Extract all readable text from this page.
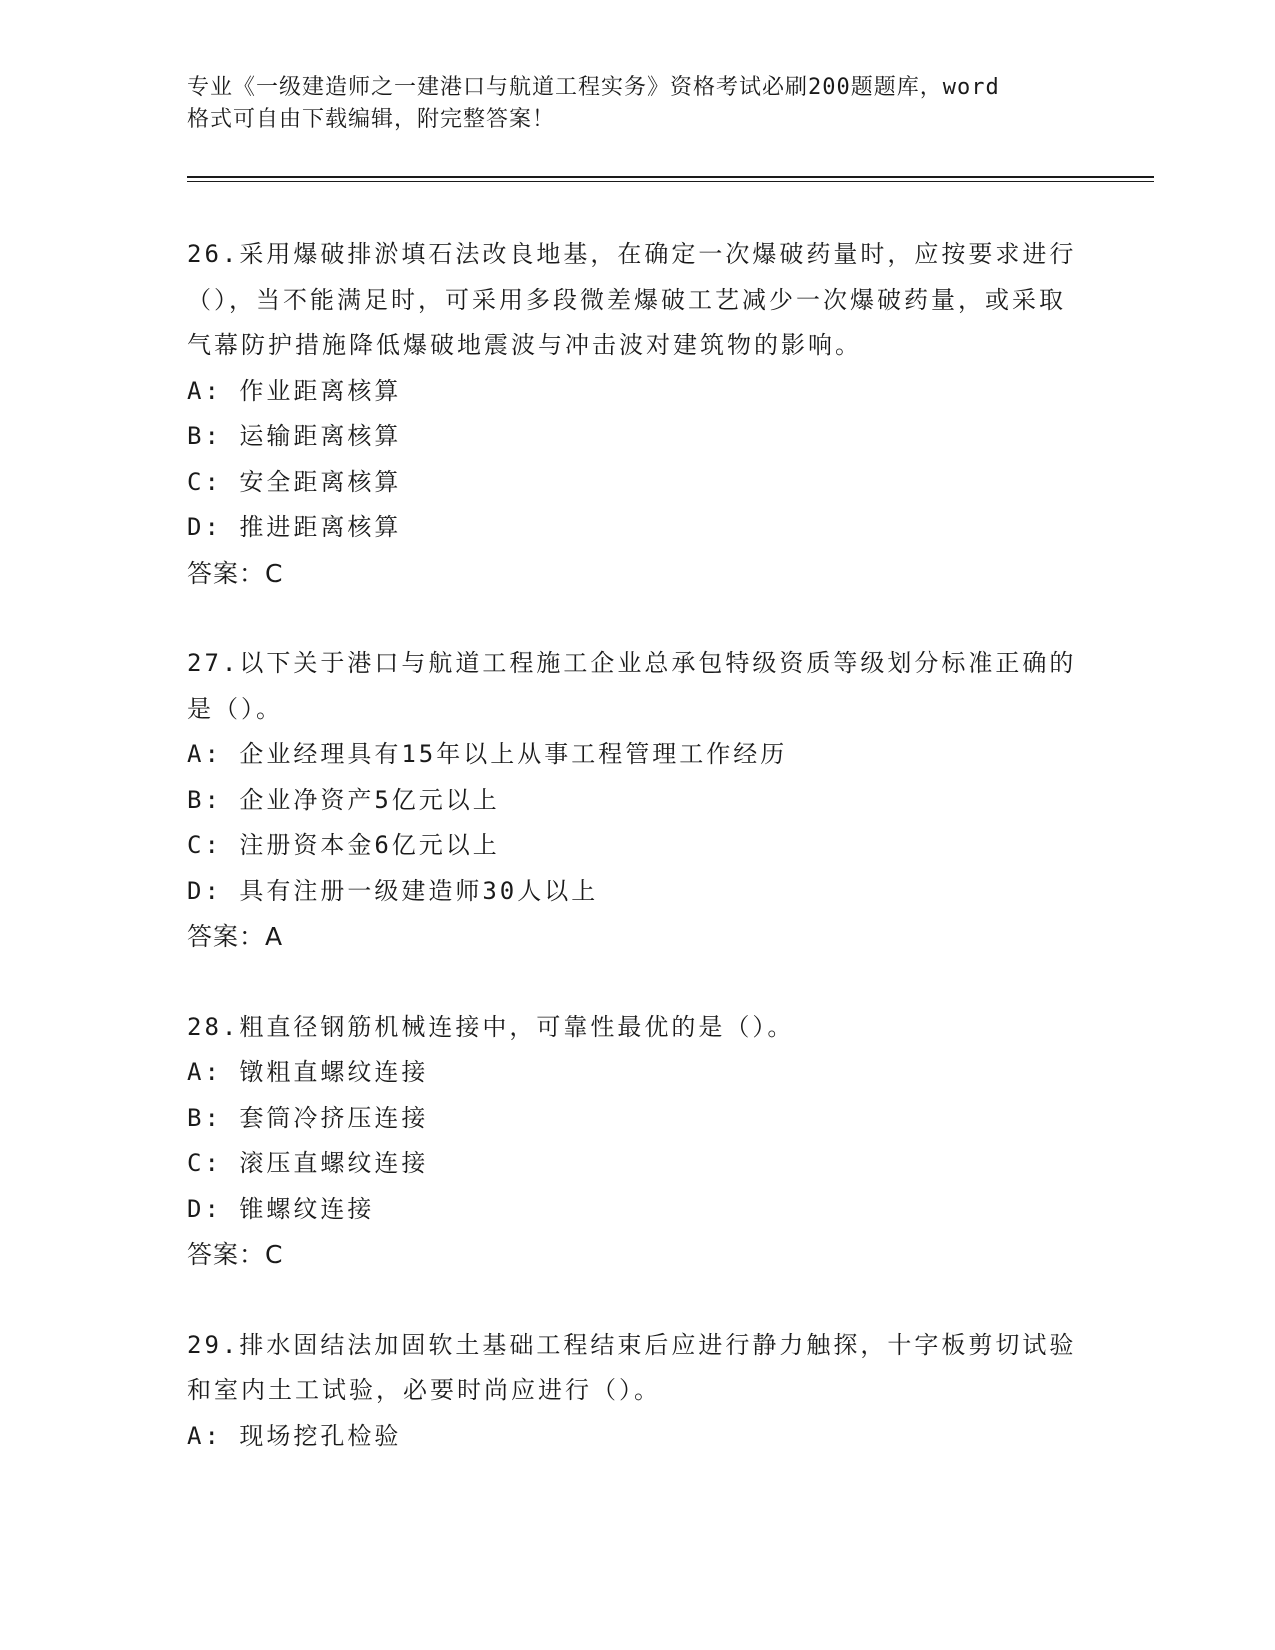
专业《一级建造师之一建港口与航道工程实务》资格考试必刷200题题库，word
格式可自由下载编辑，附完整答案！

26.采用爆破排淤填石法改良地基，在确定一次爆破药量时，应按要求进行（），当不能满足时，可采用多段微差爆破工艺减少一次爆破药量，或采取气幕防护措施降低爆破地震波与冲击波对建筑物的影响。

A: 作业距离核算

B: 运输距离核算

C: 安全距离核算

D: 推进距离核算

答案：C

27.以下关于港口与航道工程施工企业总承包特级资质等级划分标准正确的是（）。

A: 企业经理具有15年以上从事工程管理工作经历

B: 企业净资产5亿元以上

C: 注册资本金6亿元以上

D: 具有注册一级建造师30人以上

答案：A

28.粗直径钢筋机械连接中，可靠性最优的是（）。

A: 镦粗直螺纹连接

B: 套筒冷挤压连接

C: 滚压直螺纹连接

D: 锥螺纹连接

答案：C

29.排水固结法加固软土基础工程结束后应进行静力触探，十字板剪切试验和室内土工试验，必要时尚应进行（）。

A: 现场挖孔检验
